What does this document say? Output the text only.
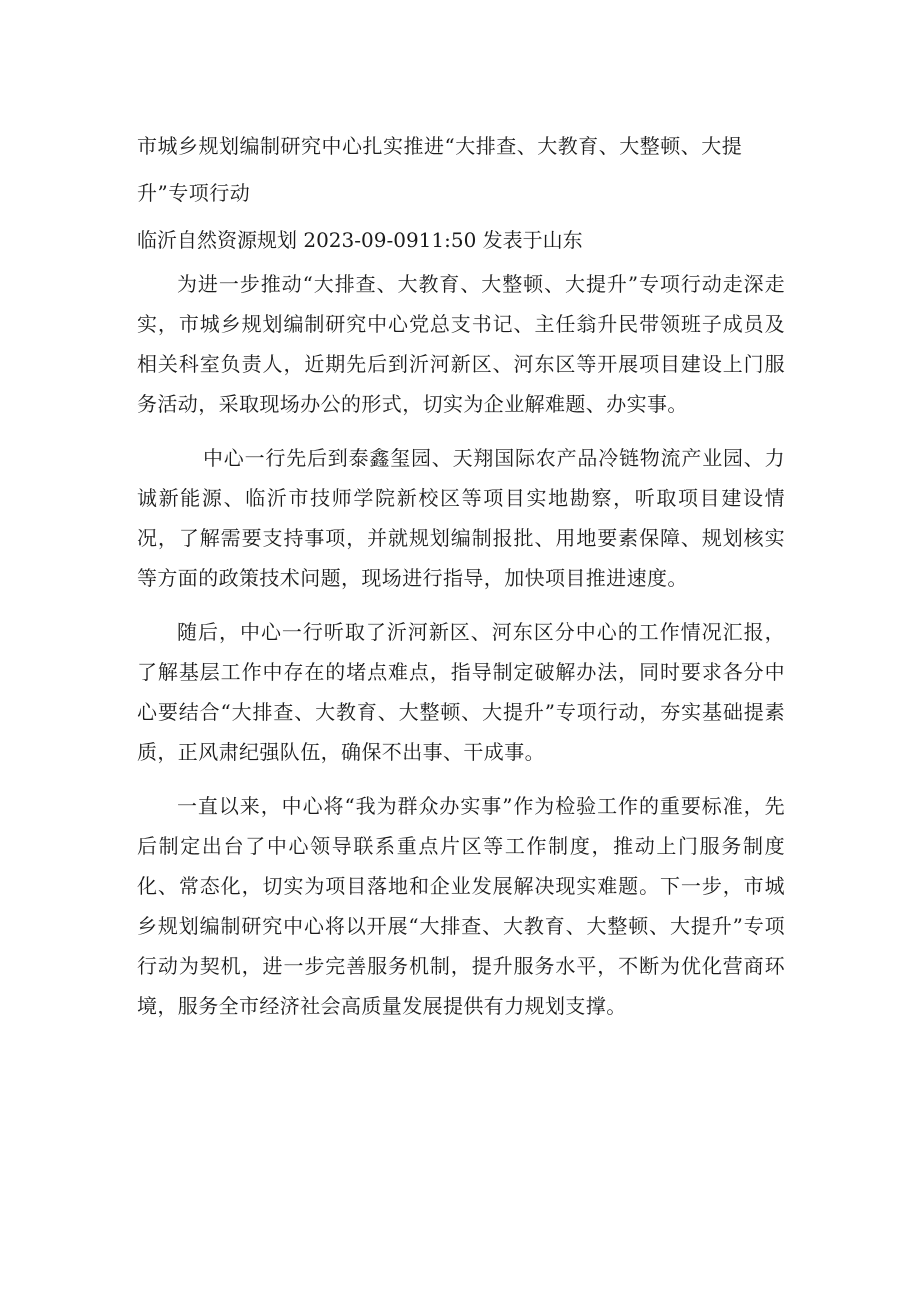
市城乡规划编制研究中心扎实推进“大排查、大教育、大整顿、大提升”专项行动

临沂自然资源规划 2023-09-0911:50 发表于山东

为进一步推动“大排查、大教育、大整顿、大提升”专项行动走深走实，市城乡规划编制研究中心党总支书记、主任翁升民带领班子成员及相关科室负责人，近期先后到沂河新区、河东区等开展项目建设上门服务活动，采取现场办公的形式，切实为企业解难题、办实事。

中心一行先后到泰鑫玺园、天翔国际农产品冷链物流产业园、力诚新能源、临沂市技师学院新校区等项目实地勘察，听取项目建设情况，了解需要支持事项，并就规划编制报批、用地要素保障、规划核实等方面的政策技术问题，现场进行指导，加快项目推进速度。

随后，中心一行听取了沂河新区、河东区分中心的工作情况汇报，了解基层工作中存在的堵点难点，指导制定破解办法，同时要求各分中心要结合“大排查、大教育、大整顿、大提升”专项行动，夯实基础提素质，正风肃纪强队伍，确保不出事、干成事。

一直以来，中心将“我为群众办实事”作为检验工作的重要标准，先后制定出台了中心领导联系重点片区等工作制度，推动上门服务制度化、常态化，切实为项目落地和企业发展解决现实难题。下一步，市城乡规划编制研究中心将以开展“大排查、大教育、大整顿、大提升”专项行动为契机，进一步完善服务机制，提升服务水平，不断为优化营商环境，服务全市经济社会高质量发展提供有力规划支撑。
